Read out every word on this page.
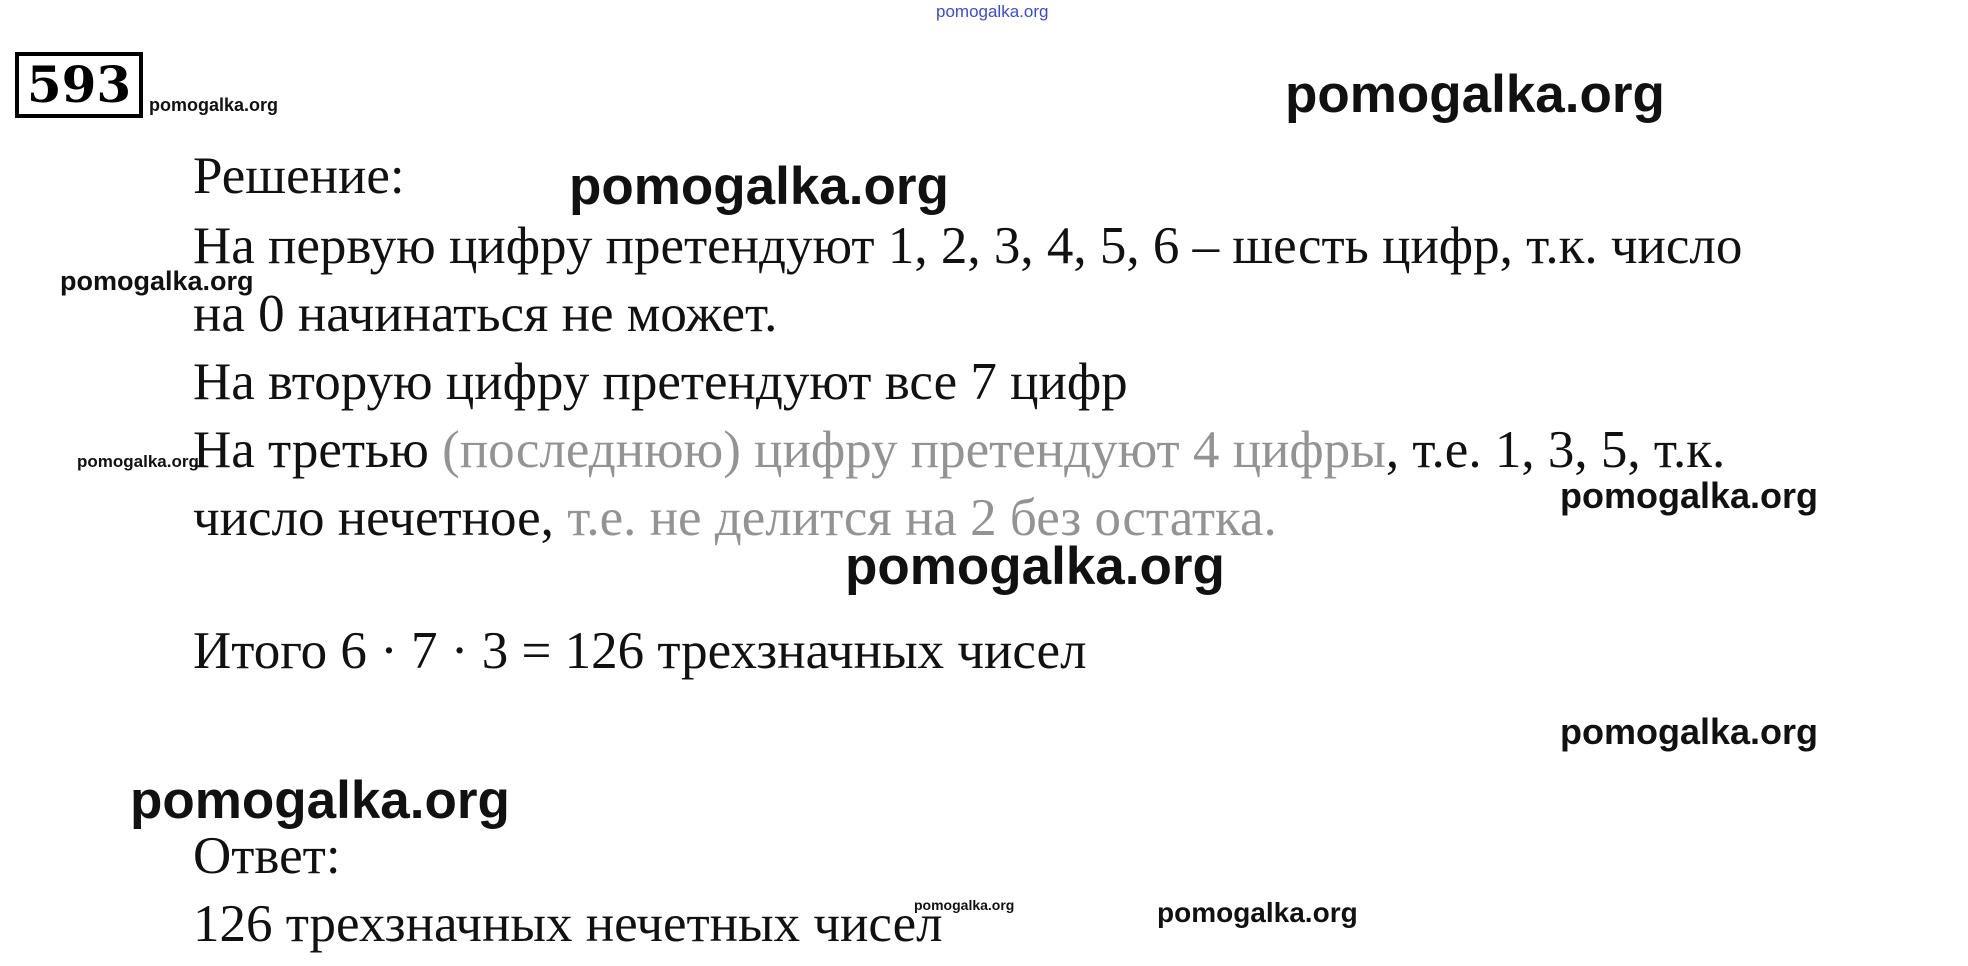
593
Решение:
На первую цифру претендуют 1, 2, 3, 4, 5, 6 – шесть цифр, т.к. число
на 0 начинаться не может.
На вторую цифру претендуют все 7 цифр
На третью (последнюю) цифру претендуют 4 цифры, т.е. 1, 3, 5, т.к.
число нечетное, т.е. не делится на 2 без остатка.
Итого 6 · 7 · 3 = 126 трехзначных чисел
Ответ:
126 трехзначных нечетных чисел
pomogalka.org
pomogalka.org	pomogalka.org
pomogalka.org
pomogalka.org
pomogalka.org
pomogalka.org
pomogalka.org
pomogalka.org
pomogalka.org
pomogalka.org	pomogalka.org
